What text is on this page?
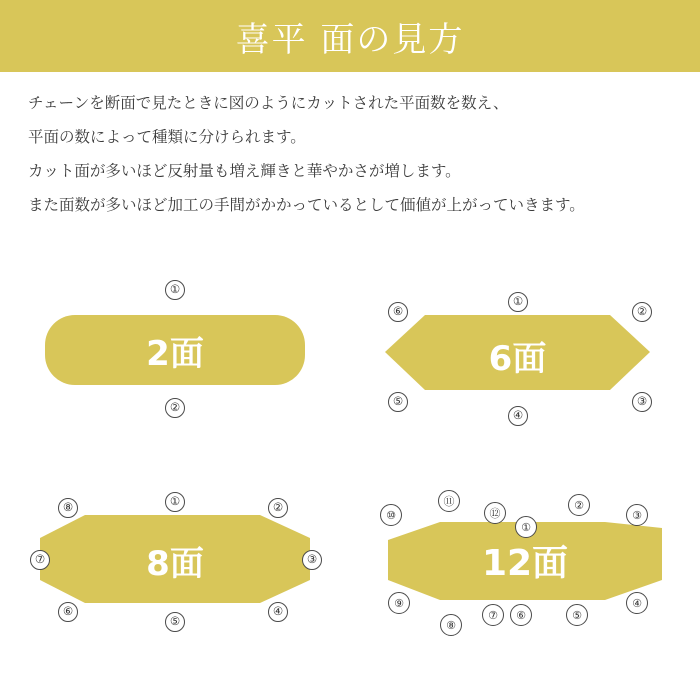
喜平 面の見方

チェーンを断面で見たときに図のようにカットされた平面数を数え、

平面の数によって種類に分けられます。

カット面が多いほど反射量も増え輝きと華やかさが増します。

また面数が多いほど加工の手間がかかっているとして価値が上がっていきます。

2面
①
②
6面
①
②
③
④
⑤
⑥
8面
①	②
③
④
⑤
⑥
⑦
⑧
12面
①
②
③
④
⑤
⑥
⑦
⑧
⑨
⑩
⑪
⑫
